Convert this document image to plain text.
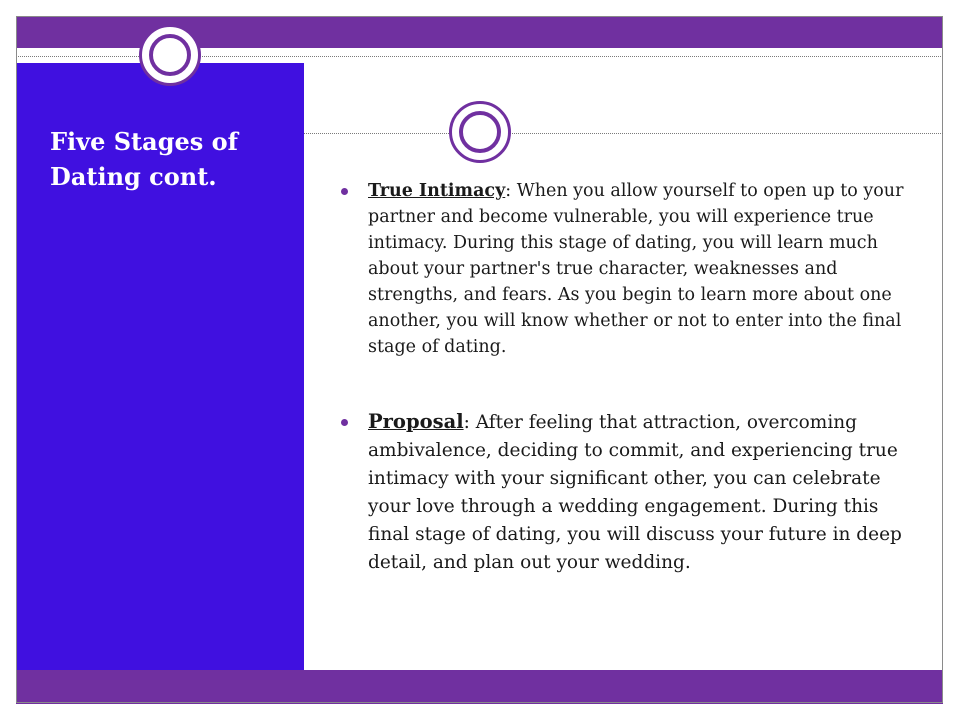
Five Stages of Dating cont.
True Intimacy: When you allow yourself to open up to your partner and become vulnerable, you will experience true intimacy. During this stage of dating, you will learn much about your partner's true character, weaknesses and strengths, and fears. As you begin to learn more about one another, you will know whether or not to enter into the final stage of dating.
Proposal: After feeling that attraction, overcoming ambivalence, deciding to commit, and experiencing true intimacy with your significant other, you can celebrate your love through a wedding engagement. During this final stage of dating, you will discuss your future in deep detail, and plan out your wedding.
